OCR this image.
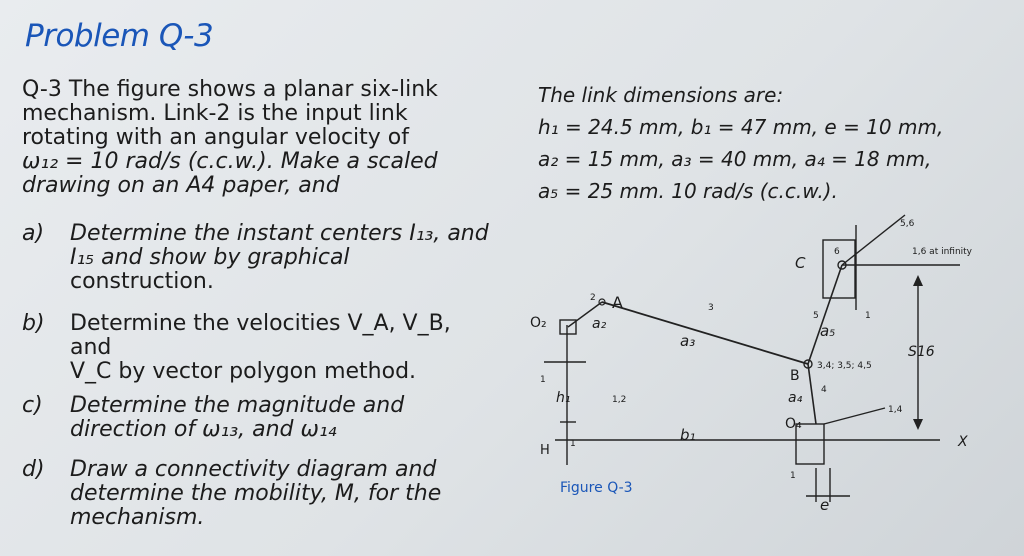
Problem Q-3

Q-3 The figure shows a planar six-link
mechanism. Link-2 is the input link
rotating with an angular velocity of
ω₁₂ = 10 rad/s (c.c.w.). Make a scaled
drawing on an A4 paper, and

a) Determine the instant centers I₁₃, and
I₁₅ and show by graphical
construction.
b) Determine the velocities V_A, V_B, and
V_C by vector polygon method.
c) Determine the magnitude and
direction of ω₁₃, and ω₁₄
d) Draw a connectivity diagram and
determine the mobility, M, for the
mechanism.
The link dimensions are:
h₁ = 24.5 mm, b₁ = 47 mm, e = 10 mm,
a₂ = 15 mm, a₃ = 40 mm, a₄ = 18 mm,
a₅ = 25 mm. 10 rad/s (c.c.w.).
O₂	a₂
A
a₃
B
a₄
O₄
a₅
C
S16
h₁
H
b₁	X
e
2
3
4
5
6
1
1
1
1
1,2
1,4
3,4; 3,5; 4,5
5,6
1,6 at infinity
Figure Q-3
